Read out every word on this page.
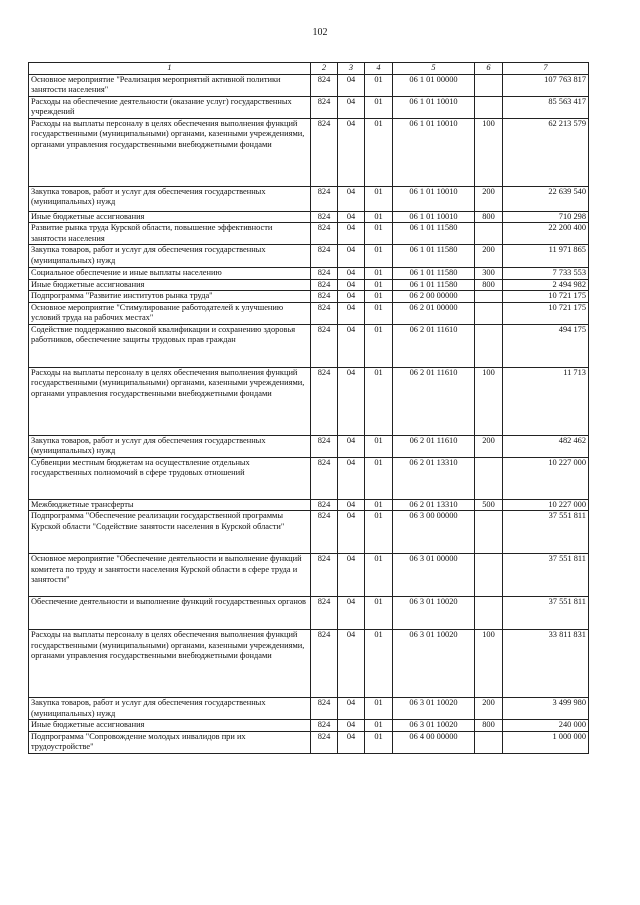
102
1	2	3	4	5	6	7
Основное мероприятие "Реализация мероприятий активной политики занятости населения"	824	04	01	06 1 01 00000		107 763 817
Расходы на обеспечение деятельности (оказание услуг) государственных учреждений	824	04	01	06 1 01 10010		85 563 417
Расходы на выплаты персоналу в целях обеспечения выполнения функций государственными (муниципальными) органами, казенными учреждениями, органами управления государственными внебюджетными фондами	824	04	01	06 1 01 10010	100	62 213 579
Закупка товаров, работ и услуг для обеспечения государственных (муниципальных) нужд	824	04	01	06 1 01 10010	200	22 639 540
Иные бюджетные ассигнования	824	04	01	06 1 01 10010	800	710 298
Развитие рынка труда Курской области, повышение эффективности занятости населения	824	04	01	06 1 01 11580		22 200 400
Закупка товаров, работ и услуг для обеспечения государственных (муниципальных) нужд	824	04	01	06 1 01 11580	200	11 971 865
Социальное обеспечение и иные выплаты населению	824	04	01	06 1 01 11580	300	7 733 553
Иные бюджетные ассигнования	824	04	01	06 1 01 11580	800	2 494 982
Подпрограмма "Развитие институтов рынка труда"	824	04	01	06 2 00 00000		10 721 175
Основное мероприятие "Стимулирование работодателей к улучшению условий труда на рабочих местах"	824	04	01	06 2 01 00000		10 721 175
Содействие поддержанию высокой квалификации и сохранению здоровья работников, обеспечение защиты трудовых прав граждан	824	04	01	06 2 01 11610		494 175
Расходы на выплаты персоналу в целях обеспечения выполнения функций государственными (муниципальными) органами, казенными учреждениями, органами управления государственными внебюджетными фондами	824	04	01	06 2 01 11610	100	11 713
Закупка товаров, работ и услуг для обеспечения государственных (муниципальных) нужд	824	04	01	06 2 01 11610	200	482 462
Субвенции местным бюджетам на осуществление отдельных государственных полномочий в сфере трудовых отношений	824	04	01	06 2 01 13310		10 227 000
Межбюджетные трансферты	824	04	01	06 2 01 13310	500	10 227 000
Подпрограмма "Обеспечение реализации государственной программы Курской области "Содействие занятости населения в Курской области"	824	04	01	06 3 00 00000		37 551 811
Основное мероприятие "Обеспечение деятельности и выполнение функций комитета по труду и занятости населения Курской области в сфере труда и занятости"	824	04	01	06 3 01 00000		37 551 811
Обеспечение деятельности и выполнение функций государственных органов	824	04	01	06 3 01 10020		37 551 811
Расходы на выплаты персоналу в целях обеспечения выполнения функций государственными (муниципальными) органами, казенными учреждениями, органами управления государственными внебюджетными фондами	824	04	01	06 3 01 10020	100	33 811 831
Закупка товаров, работ и услуг для обеспечения государственных (муниципальных) нужд	824	04	01	06 3 01 10020	200	3 499 980
Иные бюджетные ассигнования	824	04	01	06 3 01 10020	800	240 000
Подпрограмма "Сопровождение молодых инвалидов при их трудоустройстве"	824	04	01	06 4 00 00000		1 000 000
